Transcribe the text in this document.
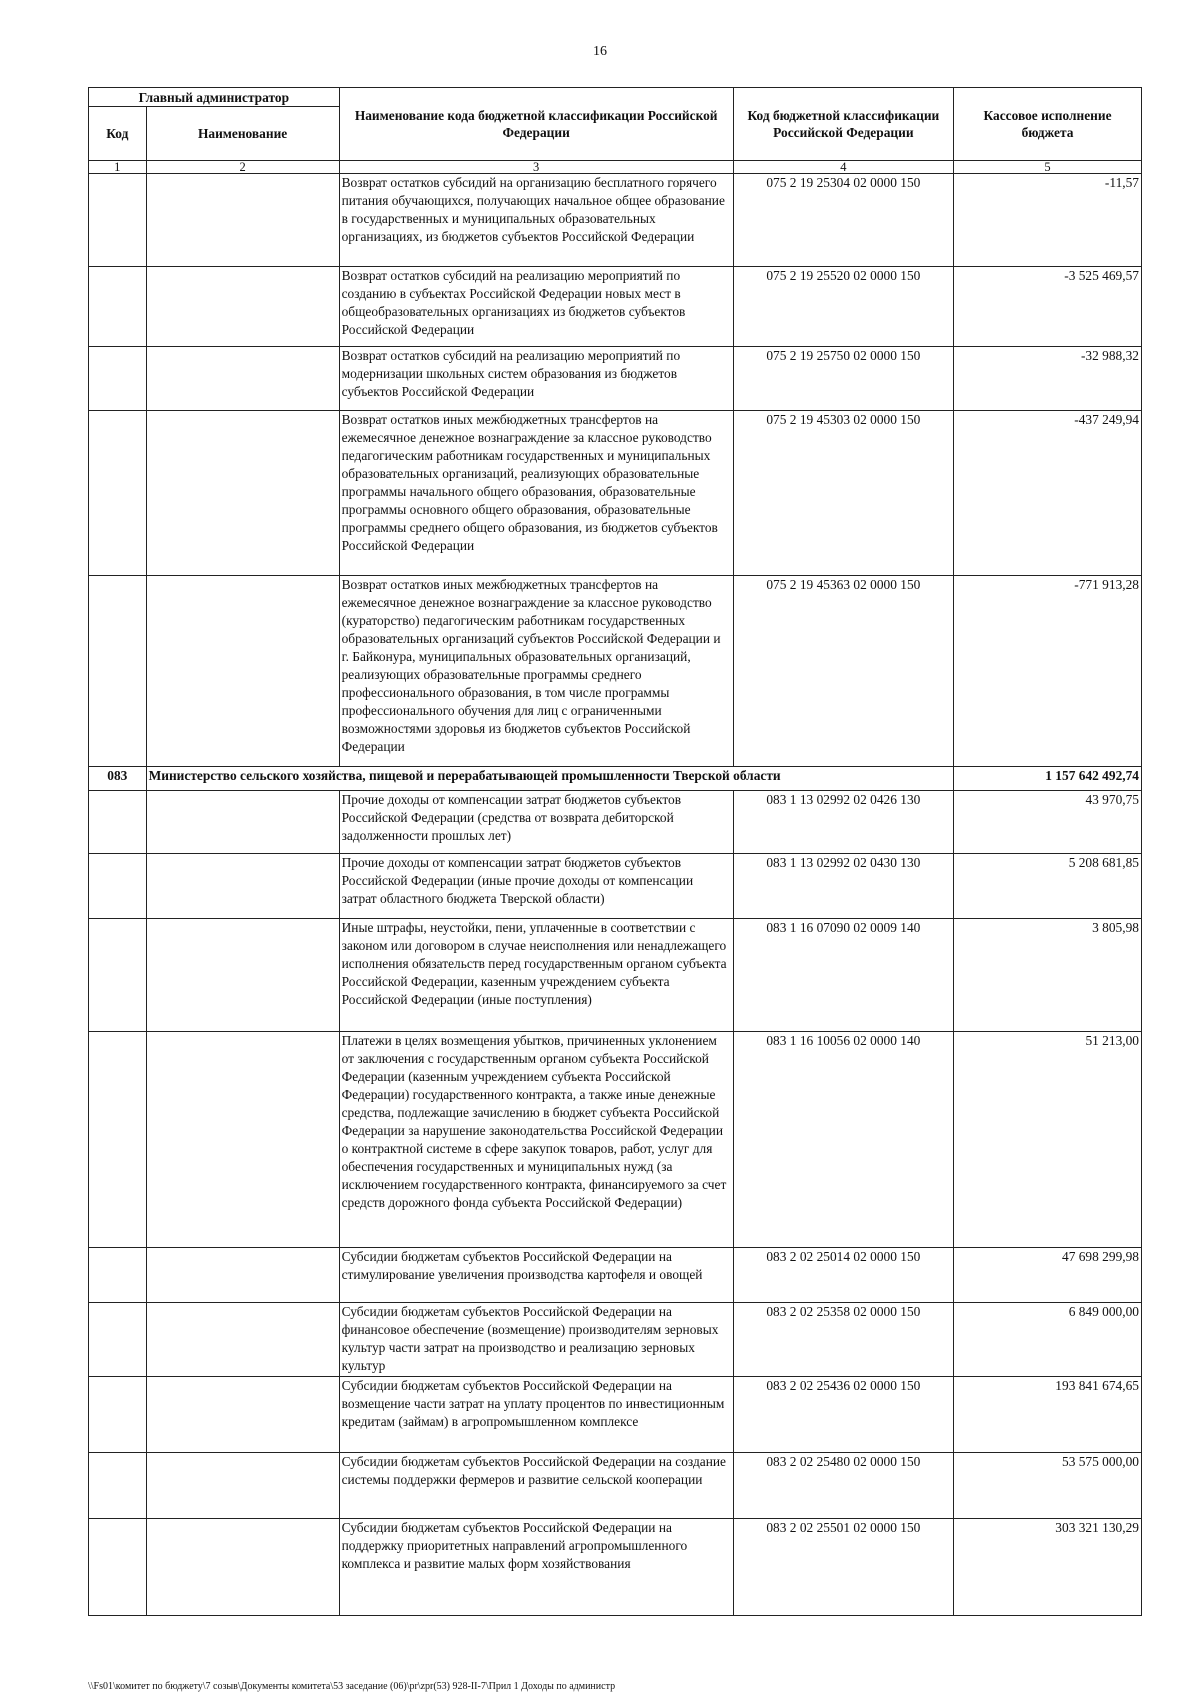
16
Главный администратор		Наименование кода бюджетной классификации Российской Федерации	Код бюджетной классификации Российской Федерации	Кассовое исполнение бюджета
Код	Наименование			
1	2	3	4	5
		Возврат остатков субсидий на организацию бесплатного горячего питания обучающихся, получающих начальное общее образование в государственных и муниципальных образовательных организациях, из бюджетов субъектов Российской Федерации	075 2 19 25304 02 0000 150	-11,57
		Возврат остатков субсидий на реализацию мероприятий по созданию в субъектах Российской Федерации новых мест в общеобразовательных организациях из бюджетов субъектов Российской Федерации	075 2 19 25520 02 0000 150	-3 525 469,57
		Возврат остатков субсидий на реализацию мероприятий по модернизации школьных систем образования из бюджетов субъектов Российской Федерации	075 2 19 25750 02 0000 150	-32 988,32
		Возврат остатков иных межбюджетных трансфертов на ежемесячное денежное вознаграждение за классное руководство педагогическим работникам государственных и муниципальных образовательных организаций, реализующих образовательные программы начального общего образования, образовательные программы основного общего образования, образовательные программы среднего общего образования, из бюджетов субъектов Российской Федерации	075 2 19 45303 02 0000 150	-437 249,94
		Возврат остатков иных межбюджетных трансфертов на ежемесячное денежное вознаграждение за классное руководство (кураторство) педагогическим работникам государственных образовательных организаций субъектов Российской Федерации и г. Байконура, муниципальных образовательных организаций, реализующих образовательные программы среднего профессионального образования, в том числе программы профессионального обучения для лиц с ограниченными возможностями здоровья из бюджетов субъектов Российской Федерации	075 2 19 45363 02 0000 150	-771 913,28
083	Министерство сельского хозяйства, пищевой и перерабатывающей промышленности Тверской области			1 157 642 492,74
		Прочие доходы от компенсации затрат бюджетов субъектов Российской Федерации (средства от возврата дебиторской задолженности прошлых лет)	083 1 13 02992 02 0426 130	43 970,75
		Прочие доходы от компенсации затрат бюджетов субъектов Российской Федерации (иные прочие доходы от компенсации затрат областного бюджета Тверской области)	083 1 13 02992 02 0430 130	5 208 681,85
		Иные штрафы, неустойки, пени, уплаченные в соответствии с законом или договором в случае неисполнения или ненадлежащего исполнения обязательств перед государственным органом субъекта Российской Федерации, казенным учреждением субъекта Российской Федерации (иные поступления)	083 1 16 07090 02 0009 140	3 805,98
		Платежи в целях возмещения убытков, причиненных уклонением от заключения с государственным органом субъекта Российской Федерации (казенным учреждением субъекта Российской Федерации) государственного контракта, а также иные денежные средства, подлежащие зачислению в бюджет субъекта Российской Федерации за нарушение законодательства Российской Федерации о контрактной системе в сфере закупок товаров, работ, услуг для обеспечения государственных и муниципальных нужд (за исключением государственного контракта, финансируемого за счет средств дорожного фонда субъекта Российской Федерации)	083 1 16 10056 02 0000 140	51 213,00
		Субсидии бюджетам субъектов Российской Федерации на стимулирование увеличения производства картофеля и овощей	083 2 02 25014 02 0000 150	47 698 299,98
		Субсидии бюджетам субъектов Российской Федерации на финансовое обеспечение (возмещение) производителям зерновых культур части затрат на производство и реализацию зерновых культур	083 2 02 25358 02 0000 150	6 849 000,00
		Субсидии бюджетам субъектов Российской Федерации на возмещение части затрат на уплату процентов по инвестиционным кредитам (займам) в агропромышленном комплексе	083 2 02 25436 02 0000 150	193 841 674,65
		Субсидии бюджетам субъектов Российской Федерации на создание системы поддержки фермеров и развитие сельской кооперации	083 2 02 25480 02 0000 150	53 575 000,00
		Субсидии бюджетам субъектов Российской Федерации на поддержку приоритетных направлений агропромышленного комплекса и развитие малых форм хозяйствования	083 2 02 25501 02 0000 150	303 321 130,29
\\Fs01\комитет по бюджету\7 созыв\Документы комитета\53 заседание (06)\pr\zpr(53) 928-II-7\Прил 1 Доходы по администр
